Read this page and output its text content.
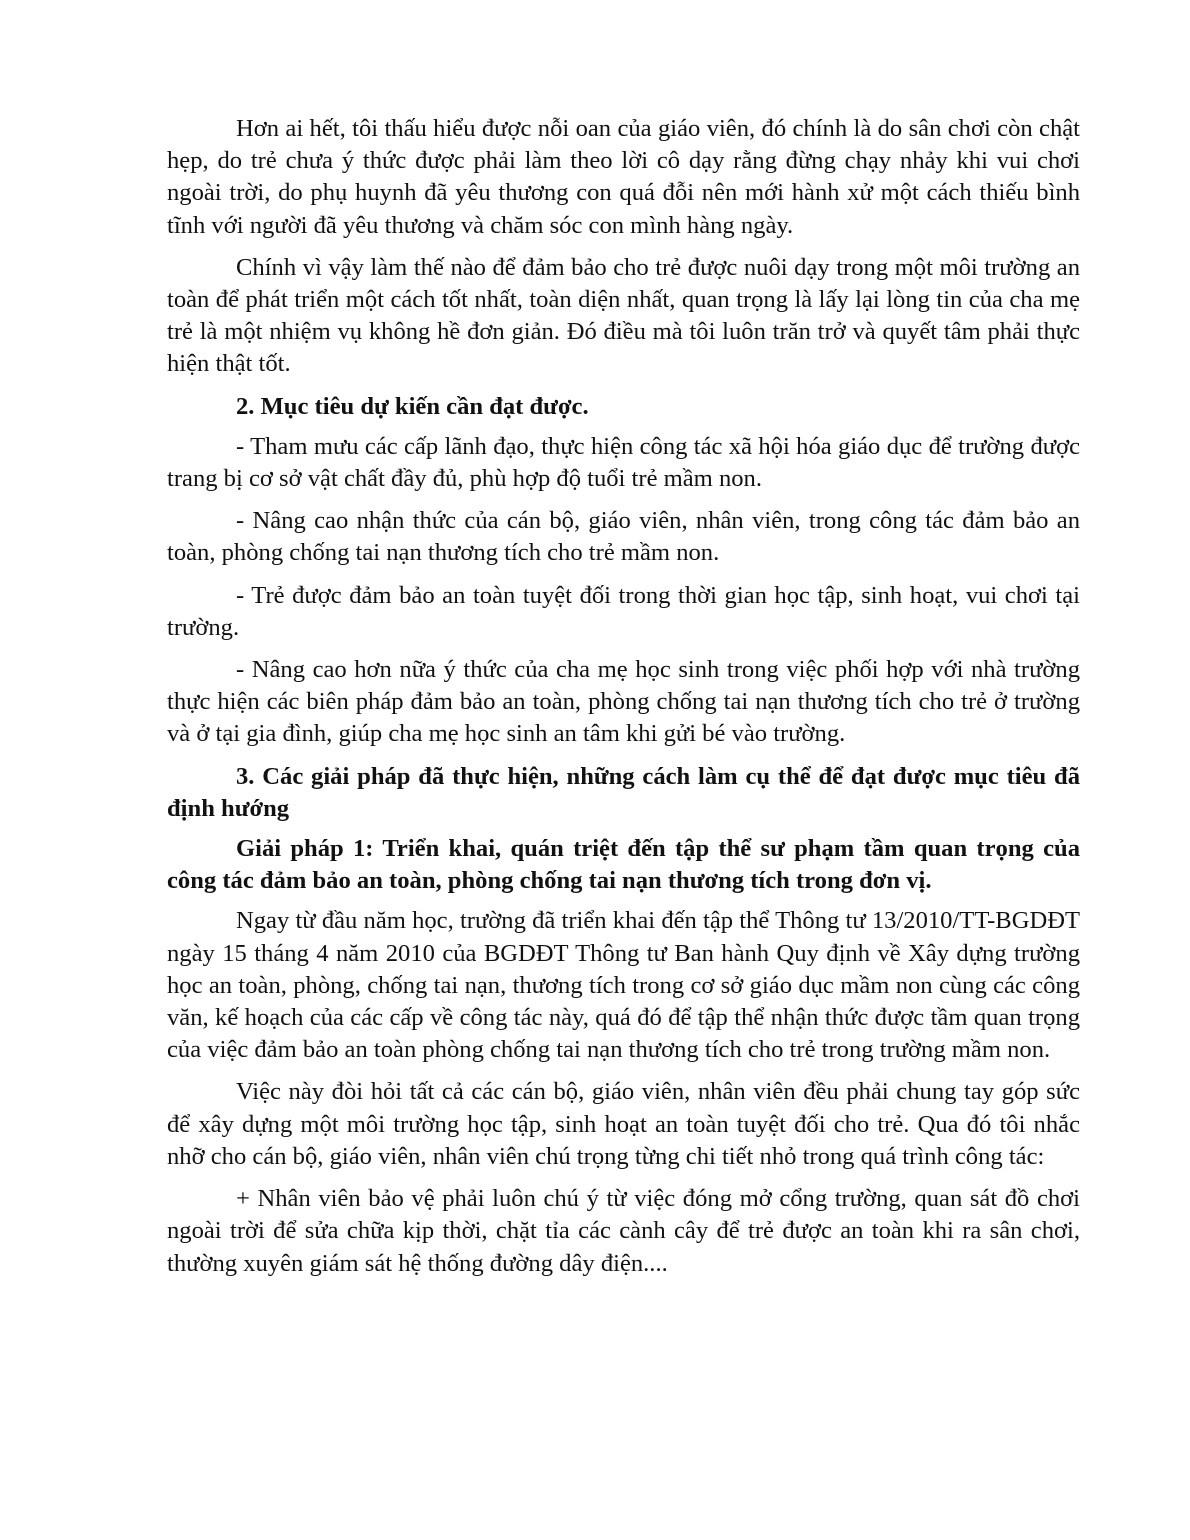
Hơn ai hết, tôi thấu hiểu được nỗi oan của giáo viên, đó chính là do sân chơi còn chật hẹp, do trẻ chưa ý thức được phải làm theo lời cô dạy rằng đừng chạy nhảy khi vui chơi ngoài trời, do phụ huynh đã yêu thương con quá đỗi nên mới hành xử một cách thiếu bình tĩnh với người đã yêu thương và chăm sóc con mình hàng ngày.

Chính vì vậy làm thế nào để đảm bảo cho trẻ được nuôi dạy trong một môi trường an toàn để phát triển một cách tốt nhất, toàn diện nhất, quan trọng là lấy lại lòng tin của cha mẹ trẻ là một nhiệm vụ không hề đơn giản. Đó điều mà tôi luôn trăn trở và quyết tâm phải thực hiện thật tốt.

2. Mục tiêu dự kiến cần đạt được.

- Tham mưu các cấp lãnh đạo, thực hiện công tác xã hội hóa giáo dục để trường được trang bị cơ sở vật chất đầy đủ, phù hợp độ tuổi trẻ mầm non.

- Nâng cao nhận thức của cán bộ, giáo viên, nhân viên, trong công tác đảm bảo an toàn, phòng chống tai nạn thương tích cho trẻ mầm non.

- Trẻ được đảm bảo an toàn tuyệt đối trong thời gian học tập, sinh hoạt, vui chơi tại trường.

- Nâng cao hơn nữa ý thức của cha mẹ học sinh trong việc phối hợp với nhà trường thực hiện các biên pháp đảm bảo an toàn, phòng chống tai nạn thương tích cho trẻ ở trường và ở tại gia đình, giúp cha mẹ học sinh an tâm khi gửi bé vào trường.

3. Các giải pháp đã thực hiện, những cách làm cụ thể để đạt được mục tiêu đã định hướng

Giải pháp 1: Triển khai, quán triệt đến tập thể sư phạm tầm quan trọng của công tác đảm bảo an toàn, phòng chống tai nạn thương tích trong đơn vị.

Ngay từ đầu năm học, trường đã triển khai đến tập thể Thông tư 13/2010/TT-BGDĐT ngày 15 tháng 4 năm 2010 của BGDĐT Thông tư Ban hành Quy định về Xây dựng trường học an toàn, phòng, chống tai nạn, thương tích trong cơ sở giáo dục mầm non cùng các công văn, kế hoạch của các cấp về công tác này, quá đó để tập thể nhận thức được tầm quan trọng của việc đảm bảo an toàn phòng chống tai nạn thương tích cho trẻ trong trường mầm non.

Việc này đòi hỏi tất cả các cán bộ, giáo viên, nhân viên đều phải chung tay góp sức để xây dựng một môi trường học tập, sinh hoạt an toàn tuyệt đối cho trẻ. Qua đó tôi nhắc nhỡ cho cán bộ, giáo viên, nhân viên chú trọng từng chi tiết nhỏ trong quá trình công tác:

+ Nhân viên bảo vệ phải luôn chú ý từ việc đóng mở cổng trường, quan sát đồ chơi ngoài trời để sửa chữa kịp thời, chặt tỉa các cành cây để trẻ được an toàn khi ra sân chơi, thường xuyên giám sát hệ thống đường dây điện....
